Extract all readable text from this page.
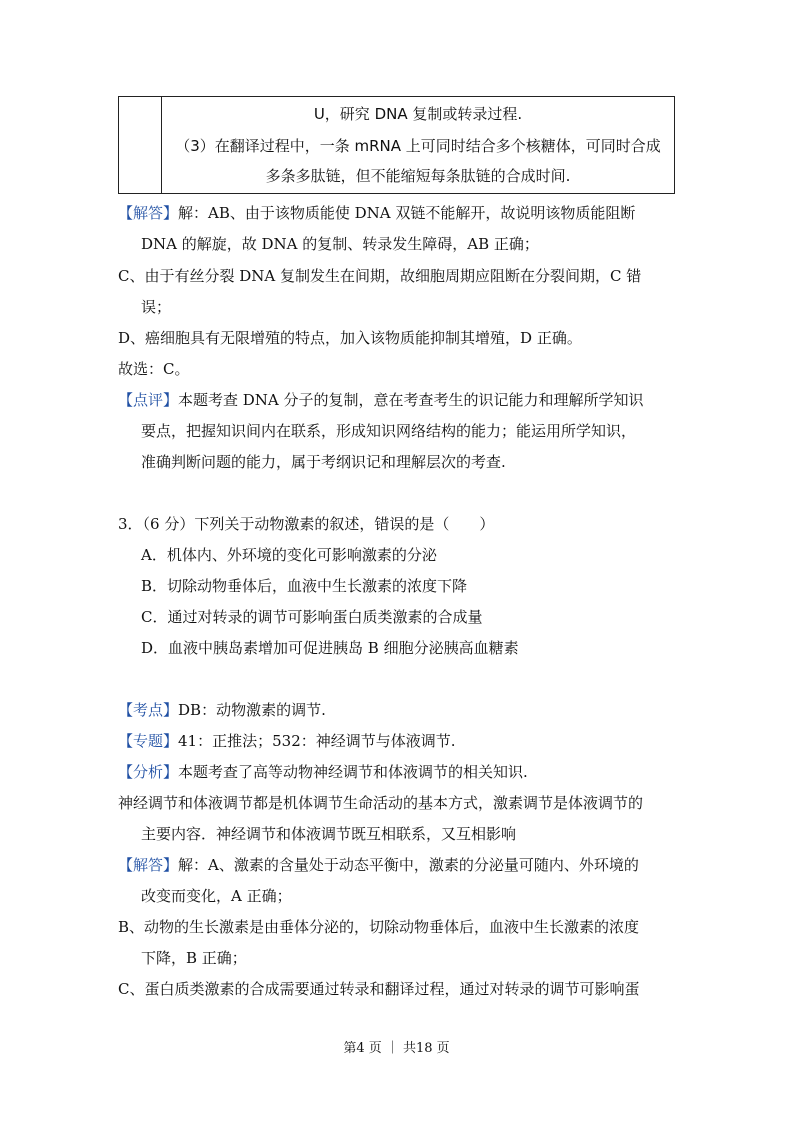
U，研究 DNA 复制或转录过程.
（3）在翻译过程中，一条 mRNA 上可同时结合多个核糖体，可同时合成
多条多肽链，但不能缩短每条肽链的合成时间.
【解答】解：AB、由于该物质能使 DNA 双链不能解开，故说明该物质能阻断
DNA 的解旋，故 DNA 的复制、转录发生障碍，AB 正确；
C、由于有丝分裂 DNA 复制发生在间期，故细胞周期应阻断在分裂间期，C 错
误；
D、癌细胞具有无限增殖的特点，加入该物质能抑制其增殖，D 正确。
故选：C。
【点评】本题考查 DNA 分子的复制，意在考查考生的识记能力和理解所学知识
要点，把握知识间内在联系，形成知识网络结构的能力；能运用所学知识，
准确判断问题的能力，属于考纲识记和理解层次的考查.
3．（6 分）下列关于动物激素的叙述，错误的是（　　）
A．机体内、外环境的变化可影响激素的分泌
B．切除动物垂体后，血液中生长激素的浓度下降
C．通过对转录的调节可影响蛋白质类激素的合成量
D．血液中胰岛素增加可促进胰岛 B 细胞分泌胰高血糖素
【考点】DB：动物激素的调节.
【专题】41：正推法；532：神经调节与体液调节.
【分析】本题考查了高等动物神经调节和体液调节的相关知识.
神经调节和体液调节都是机体调节生命活动的基本方式，激素调节是体液调节的
主要内容．神经调节和体液调节既互相联系，又互相影响
【解答】解：A、激素的含量处于动态平衡中，激素的分泌量可随内、外环境的
改变而变化，A 正确；
B、动物的生长激素是由垂体分泌的，切除动物垂体后，血液中生长激素的浓度
下降，B 正确；
C、蛋白质类激素的合成需要通过转录和翻译过程，通过对转录的调节可影响蛋
第4 页 ｜ 共18 页
